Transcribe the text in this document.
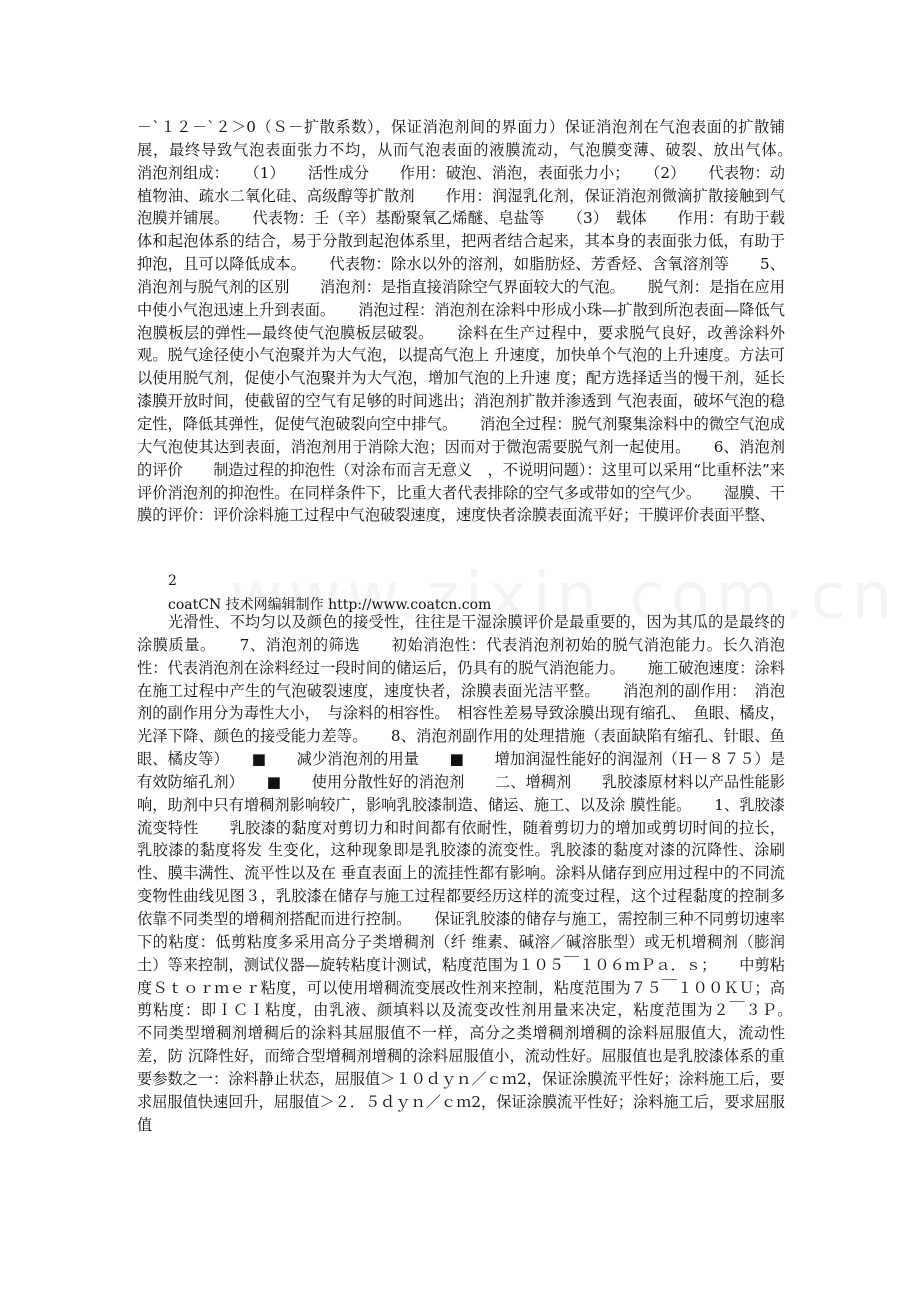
－`１２－`２＞0（Ｓ－扩散系数），保证消泡剂间的界面力）保证消泡剂在气泡表面的扩散铺展，最终导致气泡表面张力不均，从而气泡表面的液膜流动，气泡膜变薄、破裂、放出气体。　　消泡剂组成：　　（1）　　活性成分　　作用：破泡、消泡，表面张力小；　　（2）　　代表物：动植物油、疏水二氧化硅、高级醇等扩散剂　　作用：润湿乳化剂，保证消泡剂微滴扩散接触到气泡膜并铺展。　　代表物：壬（辛）基酚聚氧乙烯醚、皂盐等　　（3）　载体　　作用：有助于载体和起泡体系的结合，易于分散到起泡体系里，把两者结合起来，其本身的表面张力低，有助于抑泡，且可以降低成本。　　代表物：除水以外的溶剂，如脂肪烃、芳香烃、含氧溶剂等　　5、消泡剂与脱气剂的区别　　消泡剂：是指直接消除空气界面较大的气泡。　　脱气剂：是指在应用中使小气泡迅速上升到表面。　　消泡过程：消泡剂在涂料中形成小珠—扩散到所泡表面—降低气泡膜板层的弹性—最终使气泡膜板层破裂。　　涂料在生产过程中，要求脱气良好，改善涂料外观。脱气途径使小气泡聚并为大气泡，以提高气泡上 升速度，加快单个气泡的上升速度。方法可以使用脱气剂，促使小气泡聚并为大气泡，增加气泡的上升速 度；配方选择适当的慢干剂，延长漆膜开放时间，使截留的空气有足够的时间逃出；消泡剂扩散并渗透到 气泡表面，破坏气泡的稳定性，降低其弹性，促使气泡破裂向空中排气。　　消泡全过程：脱气剂聚集涂料中的微空气泡成大气泡使其达到表面，消泡剂用于消除大泡；因而对于微泡需要脱气剂一起使用。　　6、消泡剂的评价　　制造过程的抑泡性（对涂布而言无意义　，不说明问题）：这里可以采用“比重杯法”来评价消泡剂的抑泡性。在同样条件下，比重大者代表排除的空气多或带如的空气少。　　湿膜、干膜的评价：评价涂料施工过程中气泡破裂速度，速度快者涂膜表面流平好；干膜评价表面平整、

2
coatCN 技术网编辑制作 http://www.coatcn.com

　　光滑性、不均匀以及颜色的接受性，往往是干湿涂膜评价是最重要的，因为其瓜的是最终的涂膜质量。　　7、消泡剂的筛选　　初始消泡性：代表消泡剂初始的脱气消泡能力。长久消泡性：代表消泡剂在涂料经过一段时间的储运后，仍具有的脱气消泡能力。　　施工破泡速度：涂料在施工过程中产生的气泡破裂速度，速度快者，涂膜表面光洁平整。　　消泡剂的副作用：　消泡剂的副作用分为毒性大小，　与涂料的相容性。　相容性差易导致涂膜出现有缩孔、　鱼眼、橘皮，光泽下降、颜色的接受能力差等。　　8、消泡剂副作用的处理措施（表面缺陷有缩孔、针眼、鱼眼、橘皮等）　　■　　减少消泡剂的用量　　■　　增加润湿性能好的润湿剂（Ｈ－８７５）是有效防缩孔剂）　　■　　使用分散性好的消泡剂　　二、增稠剂　　乳胶漆原材料以产品性能影响，助剂中只有增稠剂影响较广，影响乳胶漆制造、储运、施工、以及涂 膜性能。　　1、乳胶漆流变特性　　乳胶漆的黏度对剪切力和时间都有依耐性，随着剪切力的增加或剪切时间的拉长，乳胶漆的黏度将发 生变化，这种现象即是乳胶漆的流变性。乳胶漆的黏度对漆的沉降性、涂刷性、膜丰满性、流平性以及在 垂直表面上的流挂性都有影响。涂料从储存到应用过程中的不同流变物性曲线见图３，乳胶漆在储存与施工过程都要经历这样的流变过程，这个过程黏度的控制多依靠不同类型的增稠剂搭配而进行控制。　　保证乳胶漆的储存与施工，需控制三种不同剪切速率下的粘度：低剪粘度多采用高分子类增稠剂（纤 维素、碱溶／碱溶胀型）或无机增稠剂（膨润土）等来控制，测试仪器—旋转粘度计测试，粘度范围为１０５￣１０６ｍＰａ．ｓ；　　中剪粘度Ｓｔｏｒｍｅｒ粘度，可以使用增稠流变展改性剂来控制，粘度范围为７５￣１００ＫＵ；高剪粘度：即ＩＣＩ粘度，由乳液、颜填料以及流变改性剂用量来决定，粘度范围为２￣３Ｐ。　　不同类型增稠剂增稠后的涂料其屈服值不一样，高分之类增稠剂增稠的涂料屈服值大，流动性差，防 沉降性好，而缔合型增稠剂增稠的涂料屈服值小，流动性好。屈服值也是乳胶漆体系的重要参数之一：涂料静止状态，屈服值＞１０ｄｙｎ／ｃｍ2，保证涂膜流平性好；涂料施工后，要求屈服值快速回升，屈服值＞２．５ｄｙｎ／ｃｍ2，保证涂膜流平性好；涂料施工后，要求屈服值
